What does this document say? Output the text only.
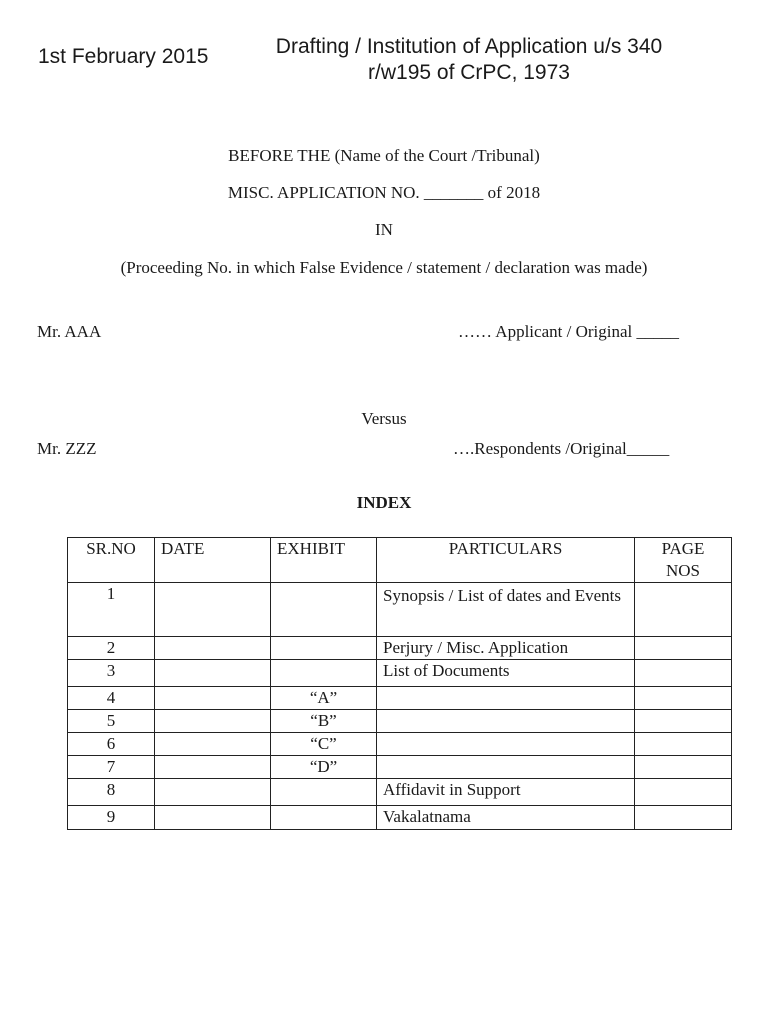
1st February 2015	Drafting / Institution of Application u/s 340
r/w195 of CrPC, 1973
BEFORE THE (Name of the Court /Tribunal)
MISC. APPLICATION NO. _______ of 2018
IN
(Proceeding No. in which False Evidence / statement / declaration was made)
Mr. AAA	…… Applicant / Original _____
Versus
Mr. ZZZ	….Respondents /Original_____
INDEX
SR.NO	DATE	EXHIBIT	PARTICULARS	PAGE
NOS

1			Synopsis / List of dates and Events	
2			Perjury / Misc. Application	
3			List of Documents	
4		“A”		
5		“B”		
6		“C”		
7		“D”		
8			Affidavit in Support	
9			Vakalatnama	
